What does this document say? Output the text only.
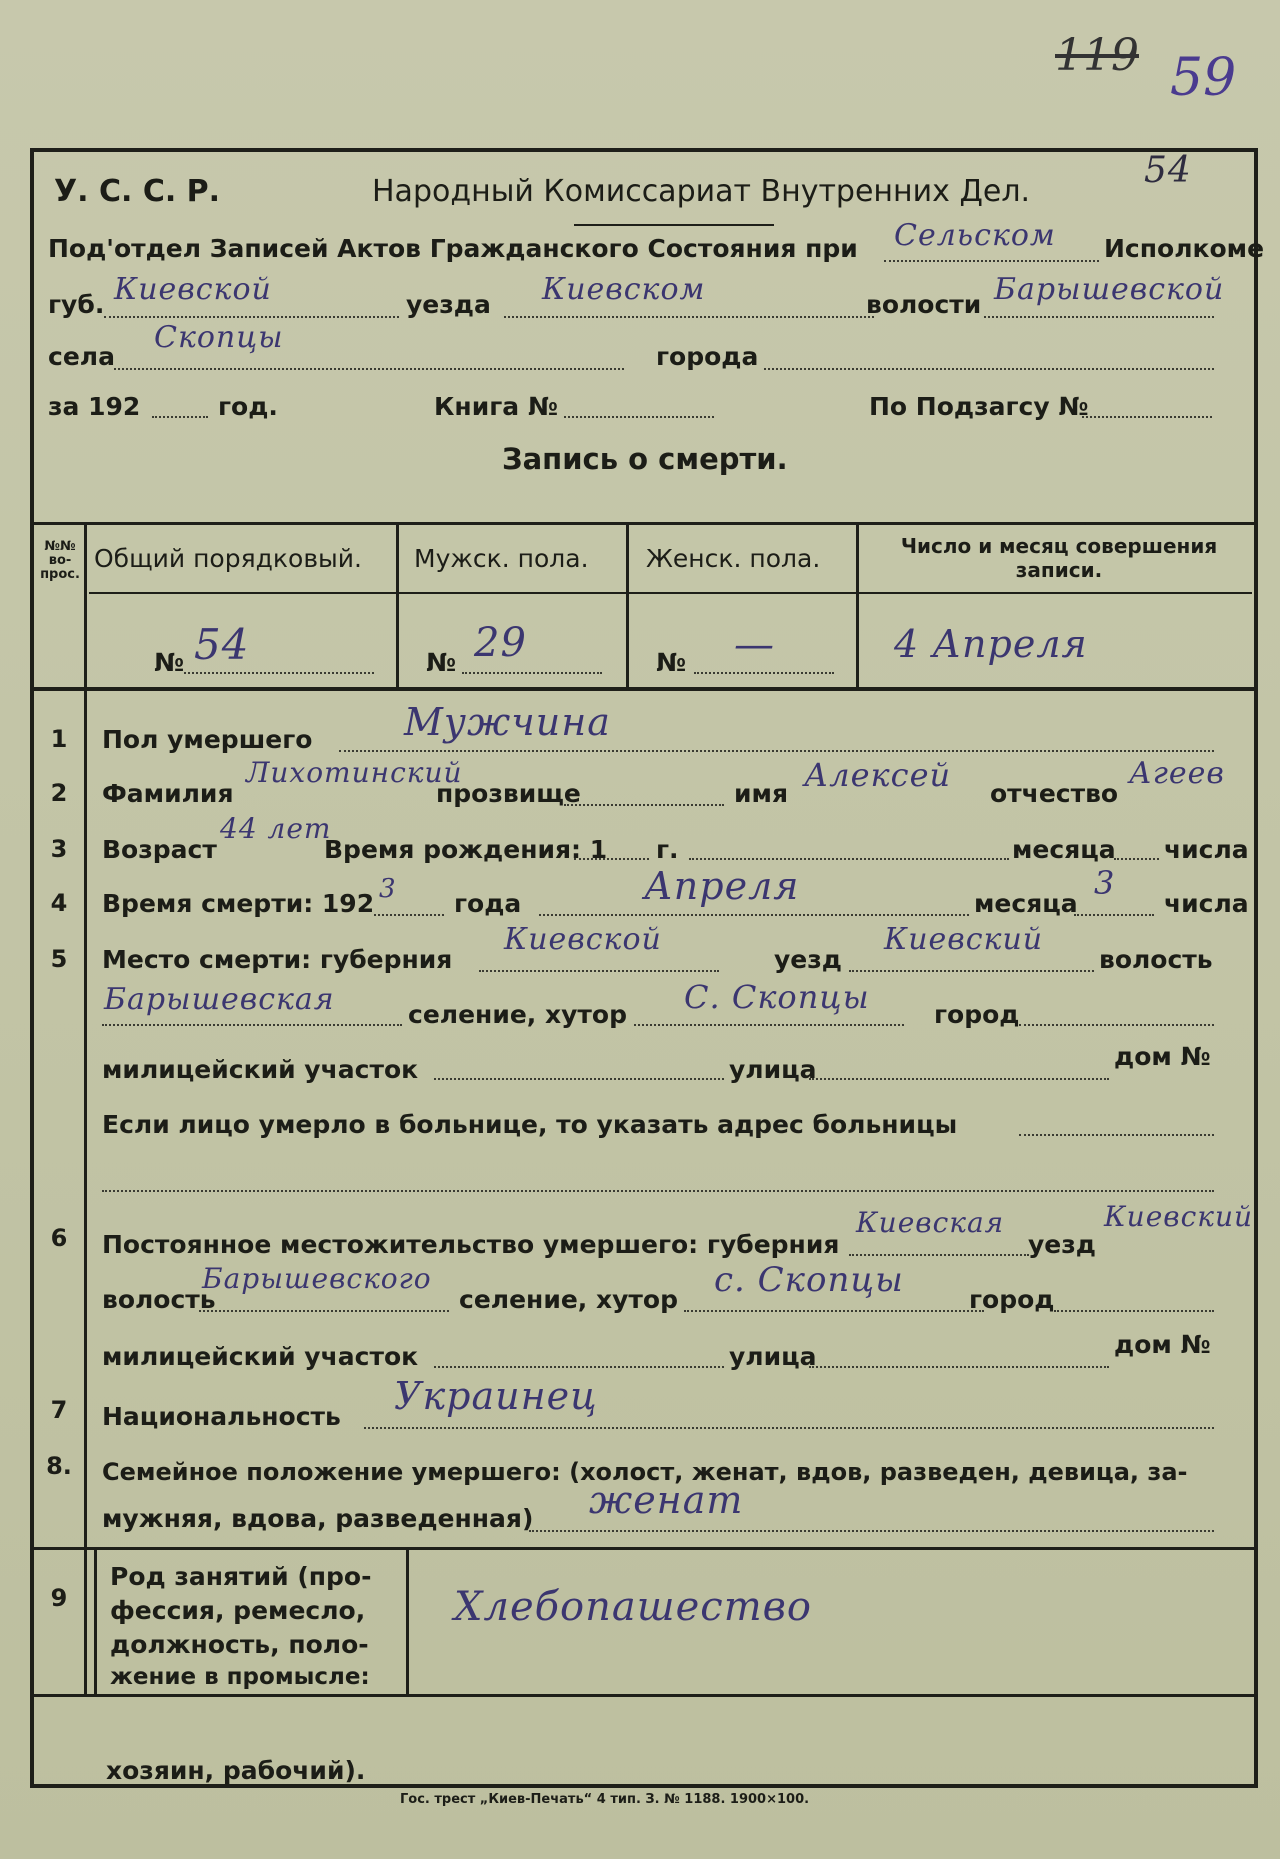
119 59
У. С. С. Р.	Народный Комиссариат Внутренних Дел.
54
Под'отдел Записей Актов Гражданского Состояния при Сельском Исполкоме
губ. Киевской	уезда Киевском	волости Барышевской
села
Скопцы
города
за 192	год.	Книга №	По Подзагсу №
Запись о смерти.
№№ во- прос.
Общий порядковый. Мужск. пола. Женск. пола.	Число и месяц совершения записи.
№ 54	№ 29	№ —	4 Апреля
1	Пол умершего Мужчина
2	Фамилия
Лихотинский
прозвище	имя Алексей отчество
Агеев
3	Возраст
44 лет
Время рождения: 1 г.	месяца числа
4	Время смерти: 192 3 года	Апреля	месяца
3
числа
5	Место смерти: губерния
Киевской
уезд
Киевский
волость
Барышевская	селение, хутор С. Скопцы	город
милицейский участок	улица	дом №
Если лицо умерло в больнице, то указать адрес больницы
6	Постоянное местожительство умершего: губерния
Киевская
уезд
Киевский
волость
Барышевского
селение, хутор с. Скопцы	город
милицейский участок	улица	дом №
7	Национальность Украинец
8. Семейное положение умершего: (холост, женат, вдов, разведен, девица, за-
мужняя, вдова, разведенная) женат
9
Род занятий (про-
фессия, ремесло,
должность, поло-
жение в промысле:
Хлебопашество
хозяин, рабочий).
Гос. трест „Киев-Печать“ 4 тип. З. № 1188. 1900×100.
